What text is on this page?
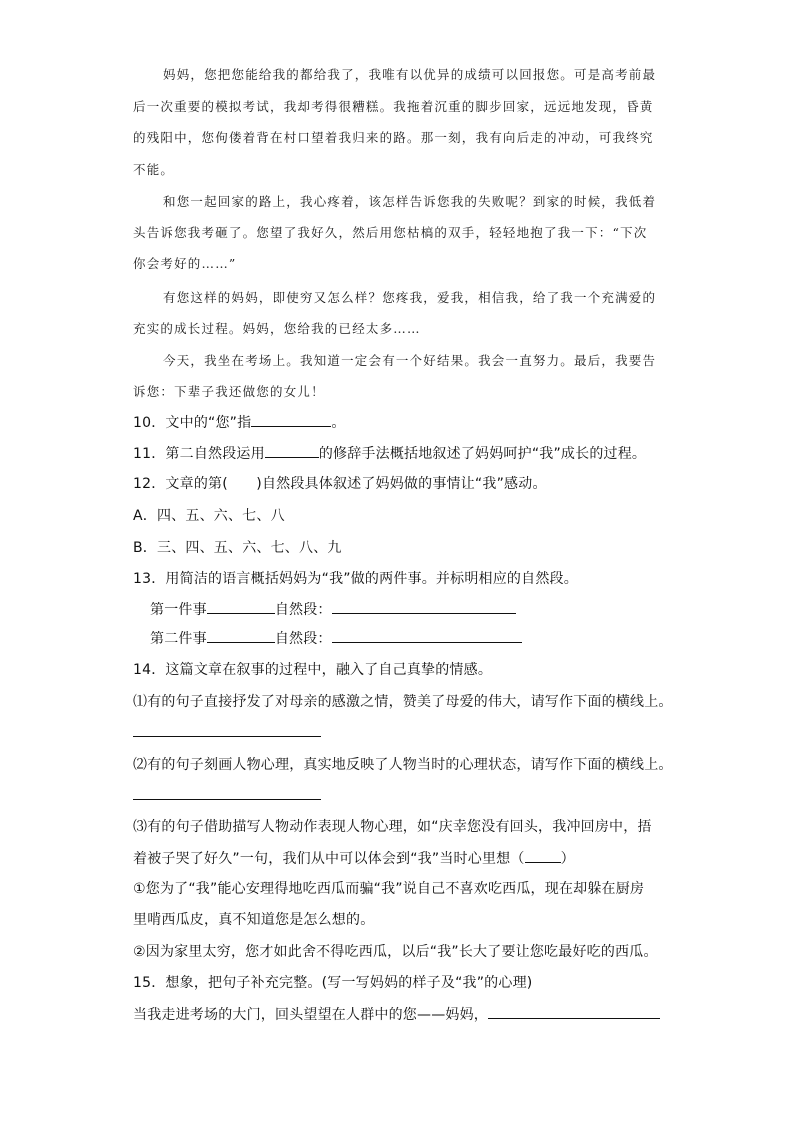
妈妈，您把您能给我的都给我了，我唯有以优异的成绩可以回报您。可是高考前最
后一次重要的模拟考试，我却考得很糟糕。我拖着沉重的脚步回家，远远地发现，昏黄
的残阳中，您佝偻着背在村口望着我归来的路。那一刻，我有向后走的冲动，可我终究
不能。
和您一起回家的路上，我心疼着，该怎样告诉您我的失败呢？到家的时候，我低着
头告诉您我考砸了。您望了我好久，然后用您枯槁的双手，轻轻地抱了我一下：“下次
你会考好的……”
有您这样的妈妈，即使穷又怎么样？您疼我，爱我，相信我，给了我一个充满爱的
充实的成长过程。妈妈，您给我的已经太多……
今天，我坐在考场上。我知道一定会有一个好结果。我会一直努力。最后，我要告
诉您：下辈子我还做您的女儿！
10．文中的“您”指	。
11．第二自然段运用	的修辞手法概括地叙述了妈妈呵护“我”成长的过程。
12．文章的第(　　)自然段具体叙述了妈妈做的事情让“我”感动。
A．四、五、六、七、八
B．三、四、五、六、七、八、九
13．用简洁的语言概括妈妈为“我”做的两件事。并标明相应的自然段。
第一件事	自然段：
第二件事	自然段：
14．这篇文章在叙事的过程中，融入了自己真挚的情感。
⑴有的句子直接抒发了对母亲的感激之情，赞美了母爱的伟大，请写作下面的横线上。
⑵有的句子刻画人物心理，真实地反映了人物当时的心理状态，请写作下面的横线上。
⑶有的句子借助描写人物动作表现人物心理，如“庆幸您没有回头，我冲回房中，捂
着被子哭了好久”一句，我们从中可以体会到“我”当时心里想（	）
①您为了“我”能心安理得地吃西瓜而骗“我”说自己不喜欢吃西瓜，现在却躲在厨房
里啃西瓜皮，真不知道您是怎么想的。
②因为家里太穷，您才如此舍不得吃西瓜，以后“我”长大了要让您吃最好吃的西瓜。
15．想象，把句子补充完整。(写一写妈妈的样子及“我”的心理)
当我走进考场的大门，回头望望在人群中的您——妈妈，
